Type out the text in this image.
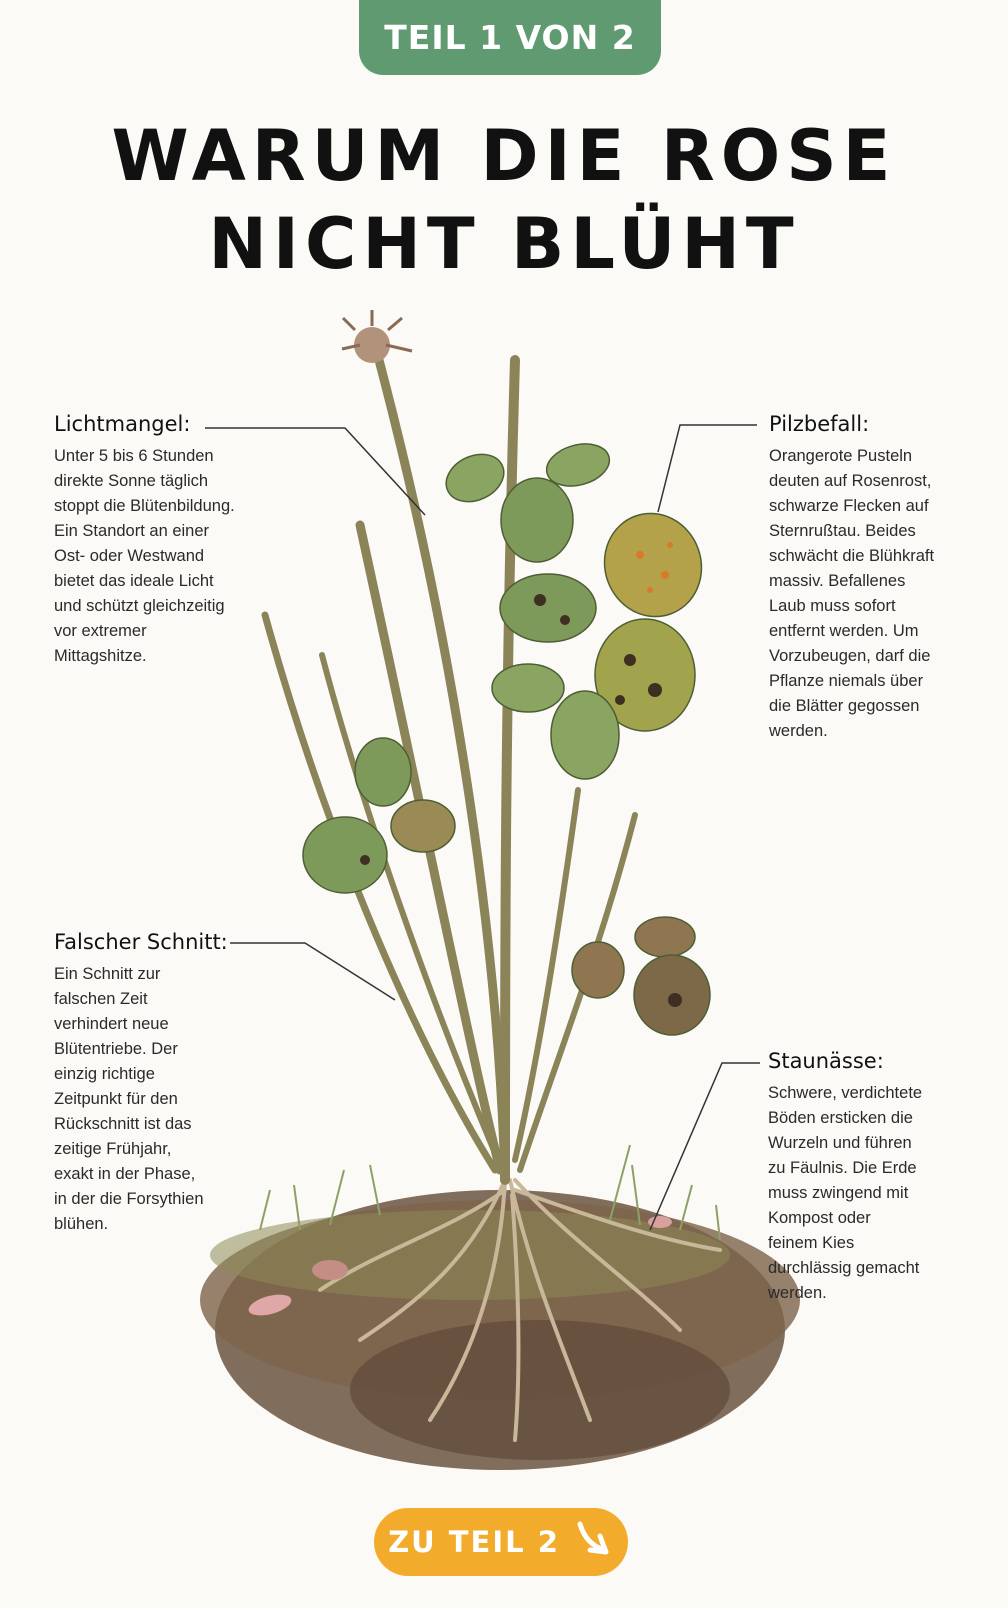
TEIL 1 VON 2
WARUM DIE ROSE
NICHT BLÜHT
Lichtmangel:

Unter 5 bis 6 Stunden
direkte Sonne täglich
stoppt die Blütenbildung.
Ein Standort an einer
Ost- oder Westwand
bietet das ideale Licht
und schützt gleichzeitig
vor extremer
Mittagshitze.

Pilzbefall:

Orangerote Pusteln
deuten auf Rosenrost,
schwarze Flecken auf
Sternrußtau. Beides
schwächt die Blühkraft
massiv. Befallenes
Laub muss sofort
entfernt werden. Um
Vorzubeugen, darf die
Pflanze niemals über
die Blätter gegossen
werden.

Falscher Schnitt:

Ein Schnitt zur
falschen Zeit
verhindert neue
Blütentriebe. Der
einzig richtige
Zeitpunkt für den
Rückschnitt ist das
zeitige Frühjahr,
exakt in der Phase,
in der die Forsythien
blühen.

Staunässe:

Schwere, verdichtete
Böden ersticken die
Wurzeln und führen
zu Fäulnis. Die Erde
muss zwingend mit
Kompost oder
feinem Kies
durchlässig gemacht
werden.

ZU TEIL 2
